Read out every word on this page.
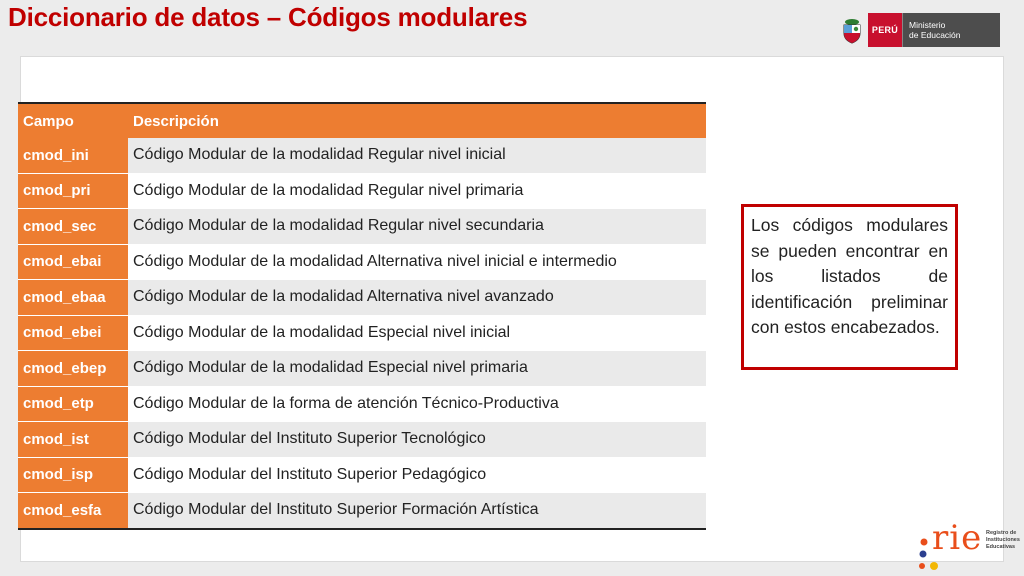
Diccionario de datos – Códigos modulares	PERÚ	Ministerio
de Educación
Campo	Descripción
cmod_ini	Código Modular de la modalidad Regular nivel inicial
cmod_pri	Código Modular de la modalidad Regular nivel primaria
cmod_sec	Código Modular de la modalidad Regular nivel secundaria
cmod_ebai	Código Modular de la modalidad Alternativa nivel inicial e intermedio
cmod_ebaa	Código Modular de la modalidad Alternativa nivel avanzado
cmod_ebei	Código Modular de la modalidad Especial nivel inicial
cmod_ebep	Código Modular de la modalidad Especial nivel primaria
cmod_etp	Código Modular de la forma de atención Técnico-Productiva
cmod_ist	Código Modular del Instituto Superior Tecnológico
cmod_isp	Código Modular del Instituto Superior Pedagógico
cmod_esfa	Código Modular del Instituto Superior Formación Artística
Los códigos modulares se pueden encontrar en los listados de identificación preliminar con estos encabezados.
rie Registro de
Instituciones
Educativas
